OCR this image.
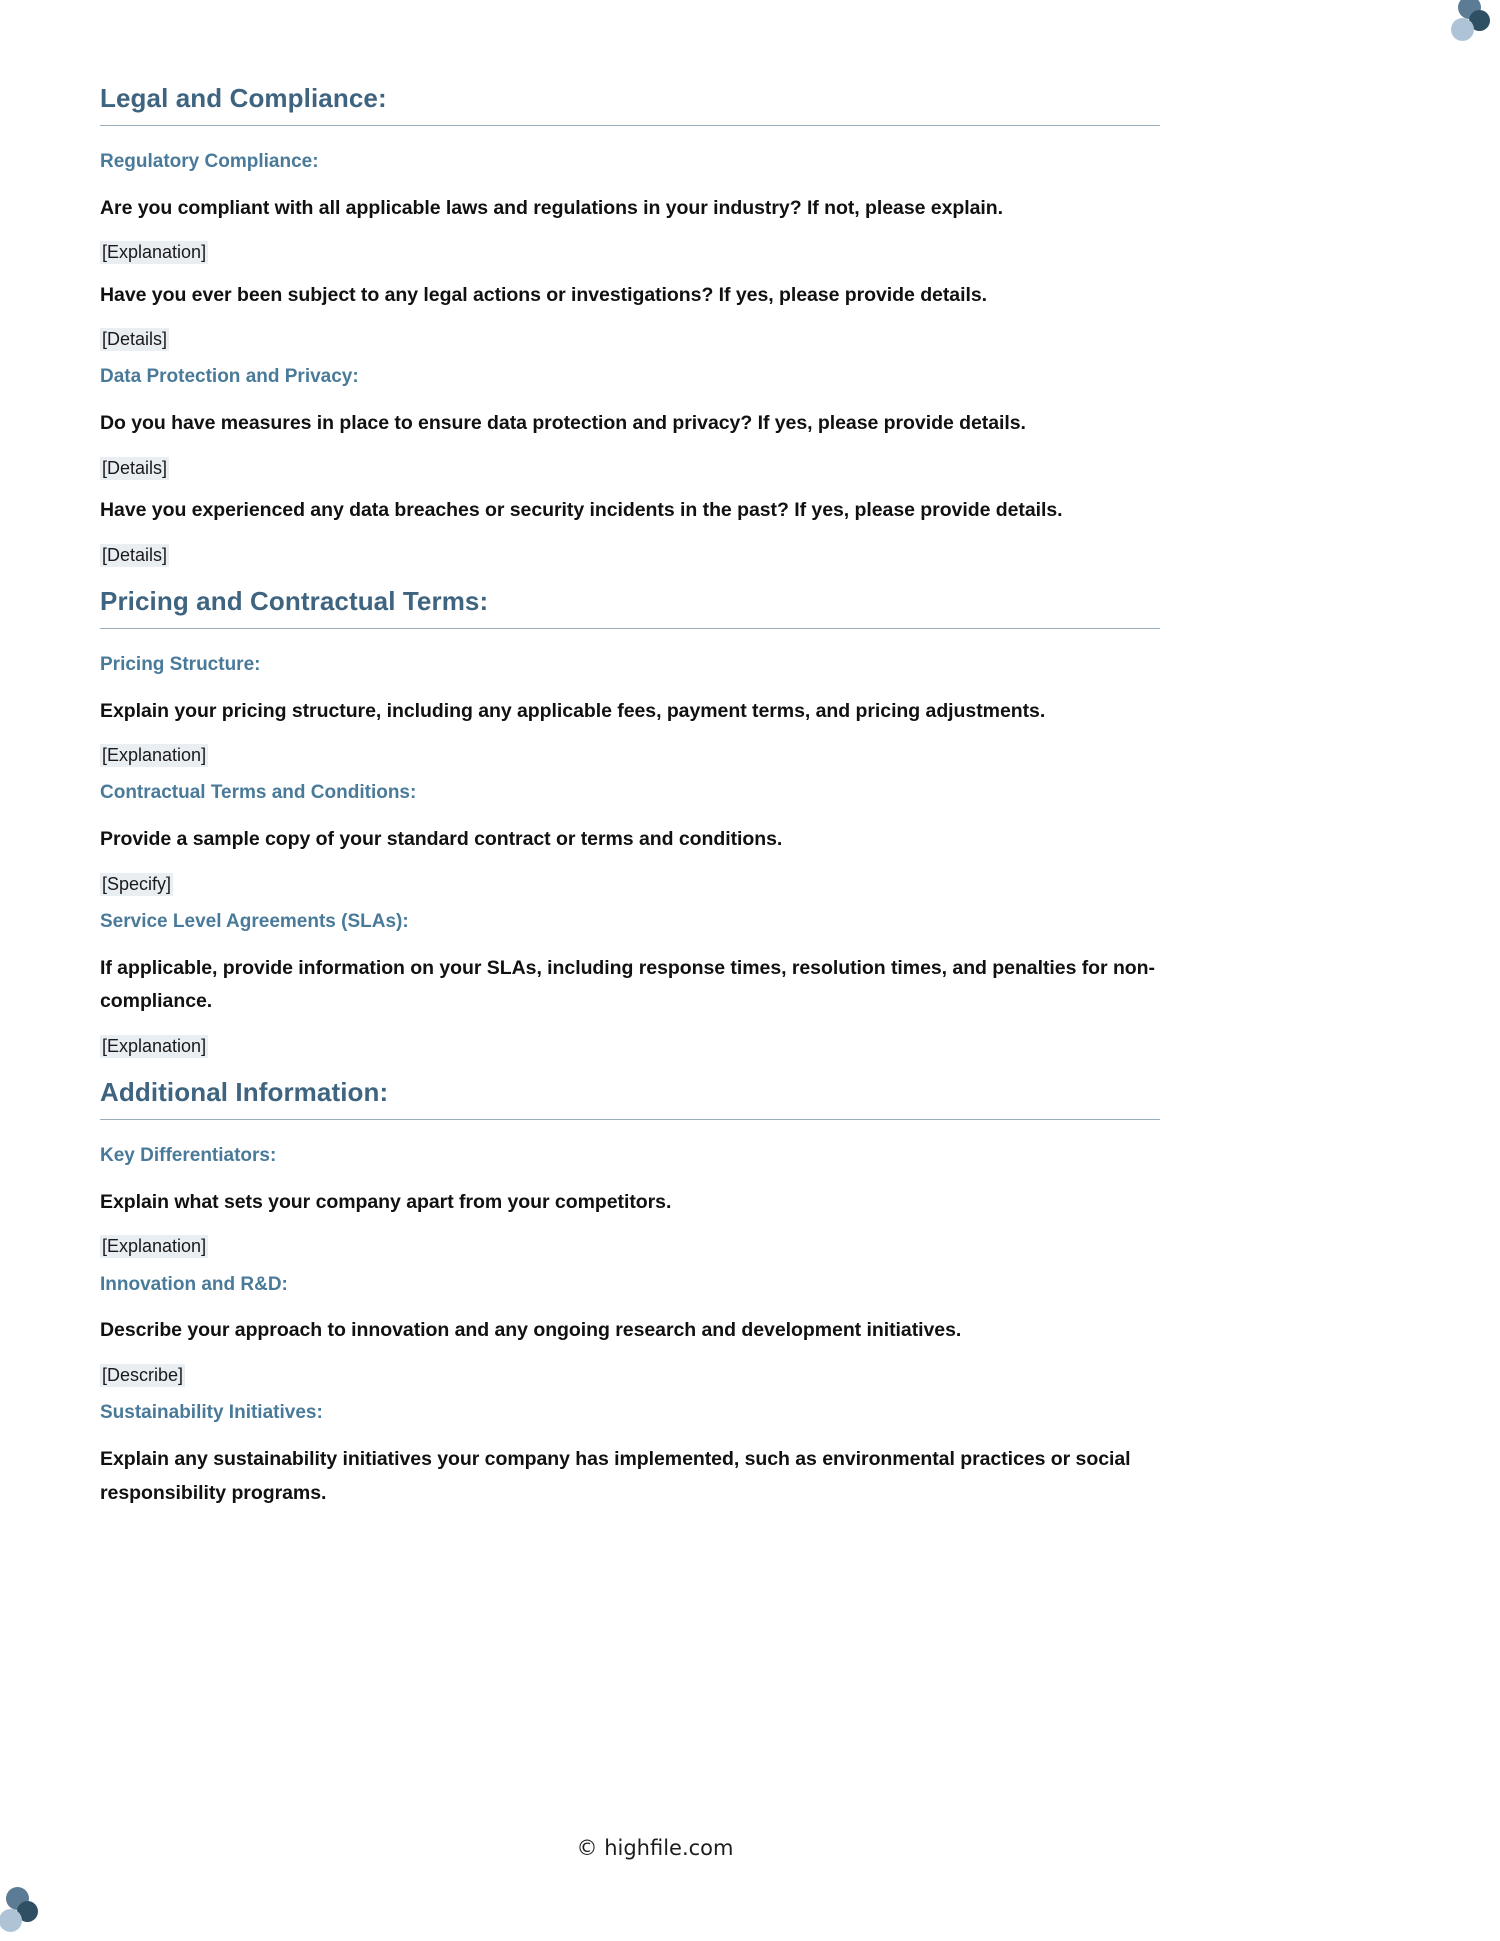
Legal and Compliance:
Regulatory Compliance:

Are you compliant with all applicable laws and regulations in your industry? If not, please explain.

[Explanation]

Have you ever been subject to any legal actions or investigations? If yes, please provide details.

[Details]

Data Protection and Privacy:

Do you have measures in place to ensure data protection and privacy? If yes, please provide details.

[Details]

Have you experienced any data breaches or security incidents in the past? If yes, please provide details.

[Details]

Pricing and Contractual Terms:
Pricing Structure:

Explain your pricing structure, including any applicable fees, payment terms, and pricing adjustments.

[Explanation]

Contractual Terms and Conditions:

Provide a sample copy of your standard contract or terms and conditions.

[Specify]

Service Level Agreements (SLAs):

If applicable, provide information on your SLAs, including response times, resolution times, and penalties for non-compliance.

[Explanation]

Additional Information:
Key Differentiators:

Explain what sets your company apart from your competitors.

[Explanation]

Innovation and R&D:

Describe your approach to innovation and any ongoing research and development initiatives.

[Describe]

Sustainability Initiatives:

Explain any sustainability initiatives your company has implemented, such as environmental practices or social responsibility programs.

© highfile.com
